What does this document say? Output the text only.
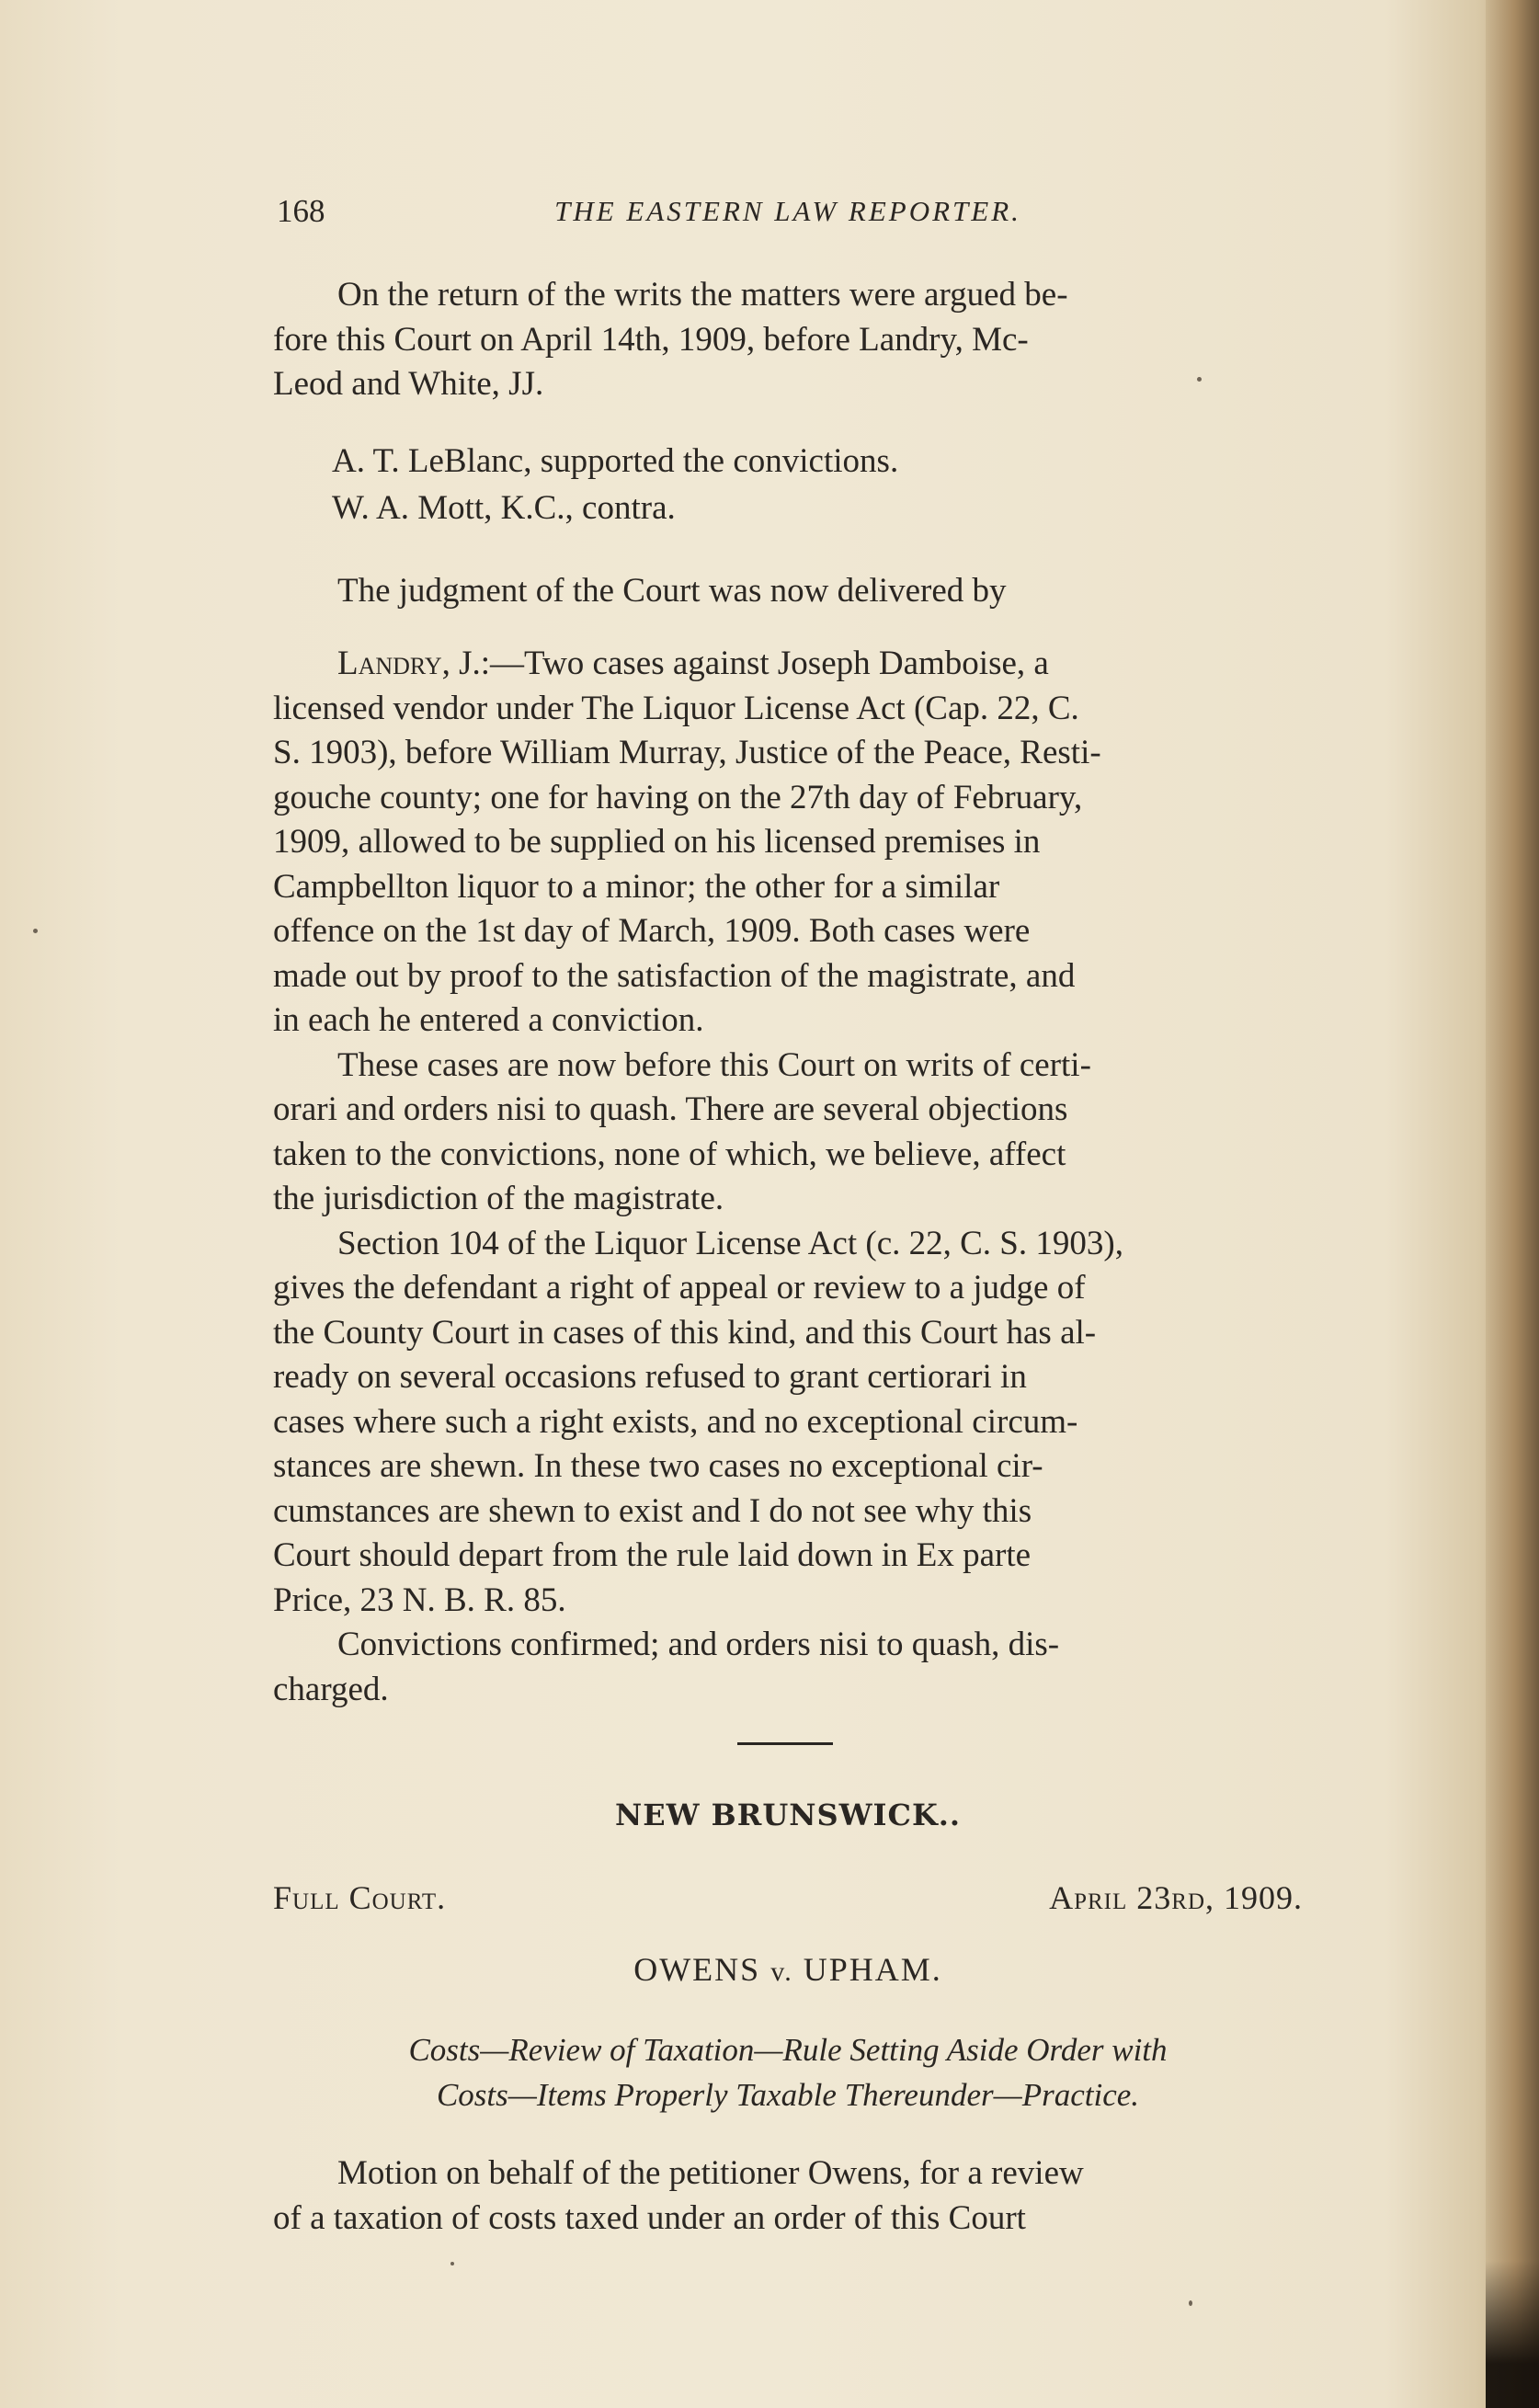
168	THE EASTERN LAW REPORTER.

On the return of the writs the matters were argued be-
fore this Court on April 14th, 1909, before Landry, Mc-
Leod and White, JJ.

A. T. LeBlanc, supported the convictions.

W. A. Mott, K.C., contra.

The judgment of the Court was now delivered by

Landry, J.:—Two cases against Joseph Damboise, a
licensed vendor under The Liquor License Act (Cap. 22, C.
S. 1903), before William Murray, Justice of the Peace, Resti-
gouche county; one for having on the 27th day of February,
1909, allowed to be supplied on his licensed premises in
Campbellton liquor to a minor; the other for a similar
offence on the 1st day of March, 1909. Both cases were
made out by proof to the satisfaction of the magistrate, and
in each he entered a conviction.

These cases are now before this Court on writs of certi-
orari and orders nisi to quash. There are several objections
taken to the convictions, none of which, we believe, affect
the jurisdiction of the magistrate.

Section 104 of the Liquor License Act (c. 22, C. S. 1903),
gives the defendant a right of appeal or review to a judge of
the County Court in cases of this kind, and this Court has al-
ready on several occasions refused to grant certiorari in
cases where such a right exists, and no exceptional circum-
stances are shewn. In these two cases no exceptional cir-
cumstances are shewn to exist and I do not see why this
Court should depart from the rule laid down in Ex parte
Price, 23 N. B. R. 85.

Convictions confirmed; and orders nisi to quash, dis-
charged.

NEW BRUNSWICK..
Full Court.	April 23rd, 1909.
OWENS v. UPHAM.

Costs—Review of Taxation—Rule Setting Aside Order with
Costs—Items Properly Taxable Thereunder—Practice.

Motion on behalf of the petitioner Owens, for a review
of a taxation of costs taxed under an order of this Court
